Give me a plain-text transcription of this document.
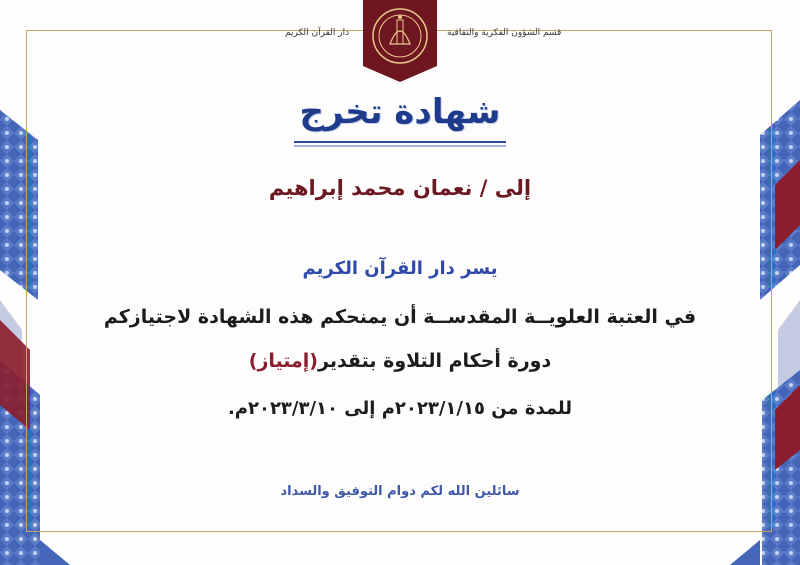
دار القرآن الكريم	قسم الشؤون الفكرية والثقافية
شهادة تخرج
إلى / نعمان محمد إبراهيم
يسر دار القرآن الكريم
في العتبة العلويــة المقدســة أن يمنحكم هذه الشهادة لاجتيازكم
دورة أحكام التلاوة بتقدير(إمتياز)
للمدة من ٢٠٢٣/١/١٥م إلى ٢٠٢٣/٣/١٠م.
سائلين الله لكم دوام التوفيق والسداد
